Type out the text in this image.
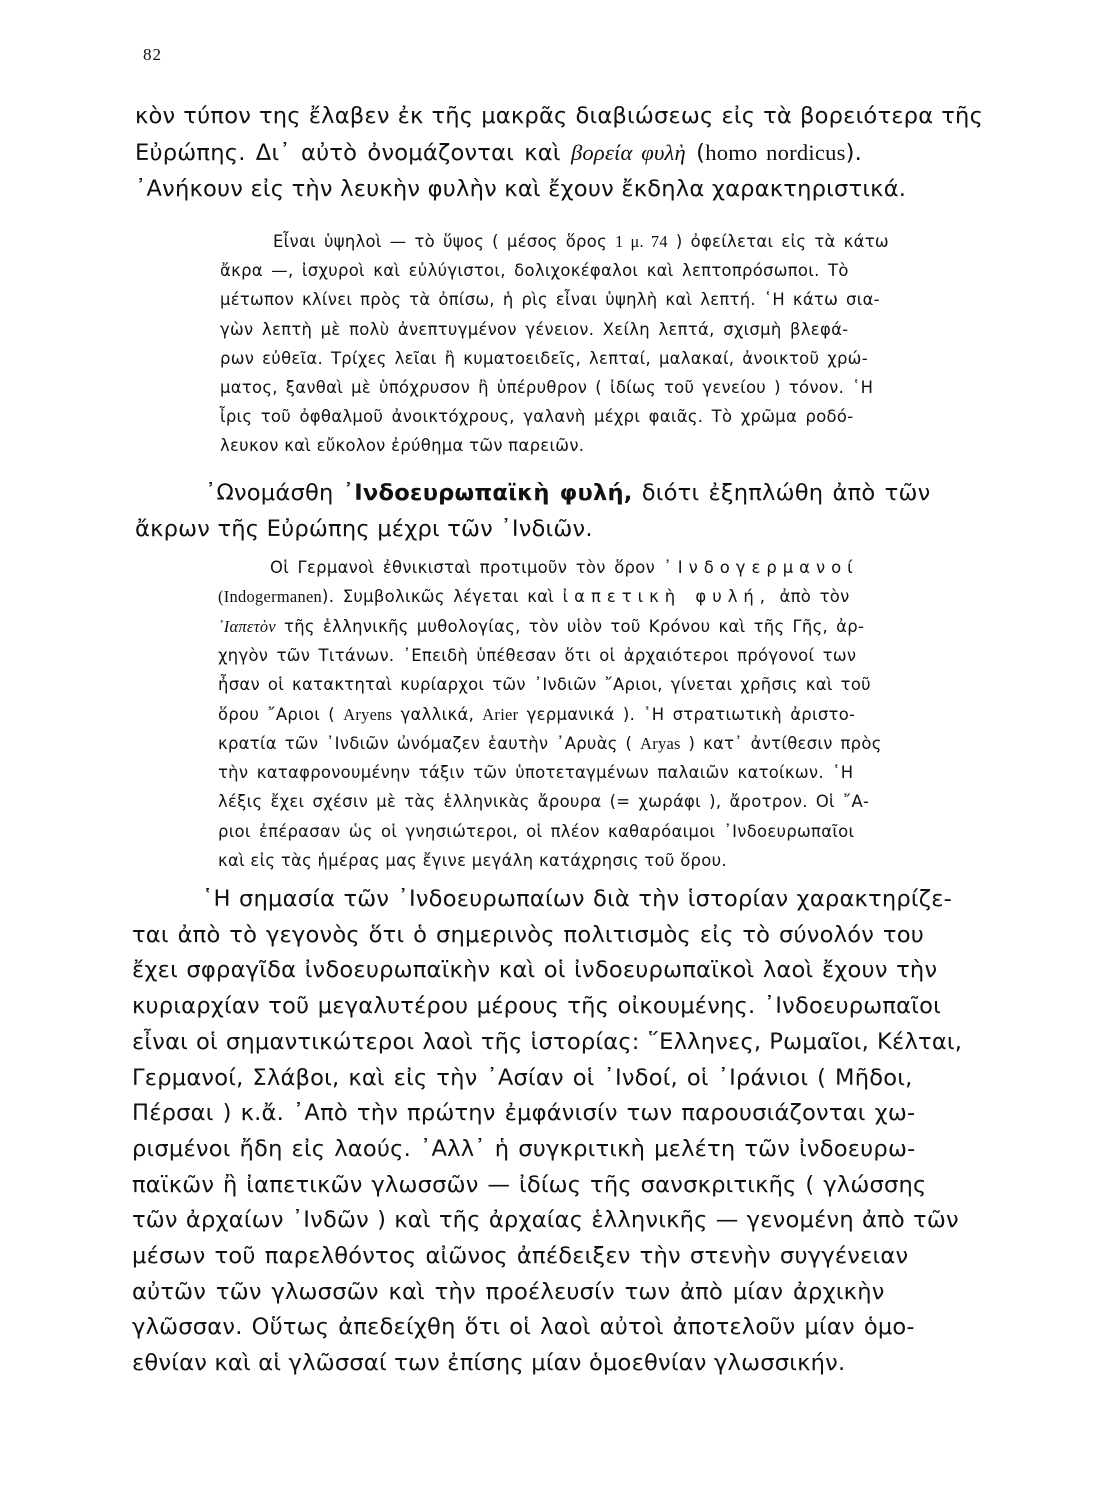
82
κὸν τύπον της ἔλαβεν ἐκ τῆς μακρᾶς διαβιώσεως εἰς τὰ βορειότερα τῆς
Εὐρώπης. Δι᾿ αὐτὸ ὀνομάζονται καὶ βορεία φυλὴ (homo nordicus).
᾿Ανήκουν εἰς τὴν λευκὴν φυλὴν καὶ ἔχουν ἔκδηλα χαρακτηριστικά.
Εἶναι ὑψηλοὶ — τὸ ὕψος ( μέσος ὅρος 1 μ. 74 ) ὀφείλεται εἰς τὰ κάτω
ἄκρα —, ἰσχυροὶ καὶ εὐλύγιστοι, δολιχοκέφαλοι καὶ λεπτοπρόσωποι. Τὸ
μέτωπον κλίνει πρὸς τὰ ὀπίσω, ἡ ρὶς εἶναι ὑψηλὴ καὶ λεπτή. ῾Η κάτω σια-
γὼν λεπτὴ μὲ πολὺ ἀνεπτυγμένον γένειον. Χείλη λεπτά, σχισμὴ βλεφά-
ρων εὐθεῖα. Τρίχες λεῖαι ἢ κυματοειδεῖς, λεπταί, μαλακαί, ἀνοικτοῦ χρώ-
ματος, ξανθαὶ μὲ ὑπόχρυσον ἢ ὑπέρυθρον ( ἰδίως τοῦ γενείου ) τόνον. ῾Η
ἶρις τοῦ ὀφθαλμοῦ ἀνοικτόχρους, γαλανὴ μέχρι φαιᾶς. Τὸ χρῶμα ροδό-
λευκον καὶ εὔκολον ἐρύθημα τῶν παρειῶν.
᾿Ωνομάσθη ᾿Ινδοευρωπαϊκὴ φυλή, διότι ἐξηπλώθη ἀπὸ τῶν
ἄκρων τῆς Εὐρώπης μέχρι τῶν ᾿Ινδιῶν.
Οἱ Γερμανοὶ ἐθνικισταὶ προτιμοῦν τὸν ὅρον ᾿Ινδογερμανοί
(Indogermanen). Συμβολικῶς λέγεται καὶ ἰαπετικὴ φυλή, ἀπὸ τὸν
᾿Ιαπετὸν τῆς ἑλληνικῆς μυθολογίας, τὸν υἱὸν τοῦ Κρόνου καὶ τῆς Γῆς, ἀρ-
χηγὸν τῶν Τιτάνων. ᾿Επειδὴ ὑπέθεσαν ὅτι οἱ ἀρχαιότεροι πρόγονοί των
ἦσαν οἱ κατακτηταὶ κυρίαρχοι τῶν ᾿Ινδιῶν ῎Αριοι, γίνεται χρῆσις καὶ τοῦ
ὅρου ῎Αριοι ( Aryens γαλλικά, Arier γερμανικά ). ῾Η στρατιωτικὴ ἀριστο-
κρατία τῶν ᾿Ινδιῶν ὠνόμαζεν ἑαυτὴν ᾿Αρυὰς ( Aryas ) κατ᾿ ἀντίθεσιν πρὸς
τὴν καταφρονουμένην τάξιν τῶν ὑποτεταγμένων παλαιῶν κατοίκων. ῾Η
λέξις ἔχει σχέσιν μὲ τὰς ἑλληνικὰς ἄρουρα (= χωράφι ), ἄροτρον. Οἱ ῎Α-
ριοι ἐπέρασαν ὡς οἱ γνησιώτεροι, οἱ πλέον καθαρόαιμοι ᾿Ινδοευρωπαῖοι
καὶ εἰς τὰς ἡμέρας μας ἔγινε μεγάλη κατάχρησις τοῦ ὅρου.
῾Η σημασία τῶν ᾿Ινδοευρωπαίων διὰ τὴν ἱστορίαν χαρακτηρίζε-
ται ἀπὸ τὸ γεγονὸς ὅτι ὁ σημερινὸς πολιτισμὸς εἰς τὸ σύνολόν του
ἔχει σφραγῖδα ἰνδοευρωπαϊκὴν καὶ οἱ ἰνδοευρωπαϊκοὶ λαοὶ ἔχουν τὴν
κυριαρχίαν τοῦ μεγαλυτέρου μέρους τῆς οἰκουμένης. ᾿Ινδοευρωπαῖοι
εἶναι οἱ σημαντικώτεροι λαοὶ τῆς ἱστορίας: ῞Ελληνες, Ρωμαῖοι, Κέλται,
Γερμανοί, Σλάβοι, καὶ εἰς τὴν ᾿Ασίαν οἱ ᾿Ινδοί, οἱ ᾿Ιράνιοι ( Μῆδοι,
Πέρσαι ) κ.ἄ. ᾿Απὸ τὴν πρώτην ἐμφάνισίν των παρουσιάζονται χω-
ρισμένοι ἤδη εἰς λαούς. ᾿Αλλ᾿ ἡ συγκριτικὴ μελέτη τῶν ἰνδοευρω-
παϊκῶν ἢ ἰαπετικῶν γλωσσῶν — ἰδίως τῆς σανσκριτικῆς ( γλώσσης
τῶν ἀρχαίων ᾿Ινδῶν ) καὶ τῆς ἀρχαίας ἑλληνικῆς — γενομένη ἀπὸ τῶν
μέσων τοῦ παρελθόντος αἰῶνος ἀπέδειξεν τὴν στενὴν συγγένειαν
αὐτῶν τῶν γλωσσῶν καὶ τὴν προέλευσίν των ἀπὸ μίαν ἀρχικὴν
γλῶσσαν. Οὕτως ἀπεδείχθη ὅτι οἱ λαοὶ αὐτοὶ ἀποτελοῦν μίαν ὁμο-
εθνίαν καὶ αἱ γλῶσσαί των ἐπίσης μίαν ὁμοεθνίαν γλωσσικήν.
